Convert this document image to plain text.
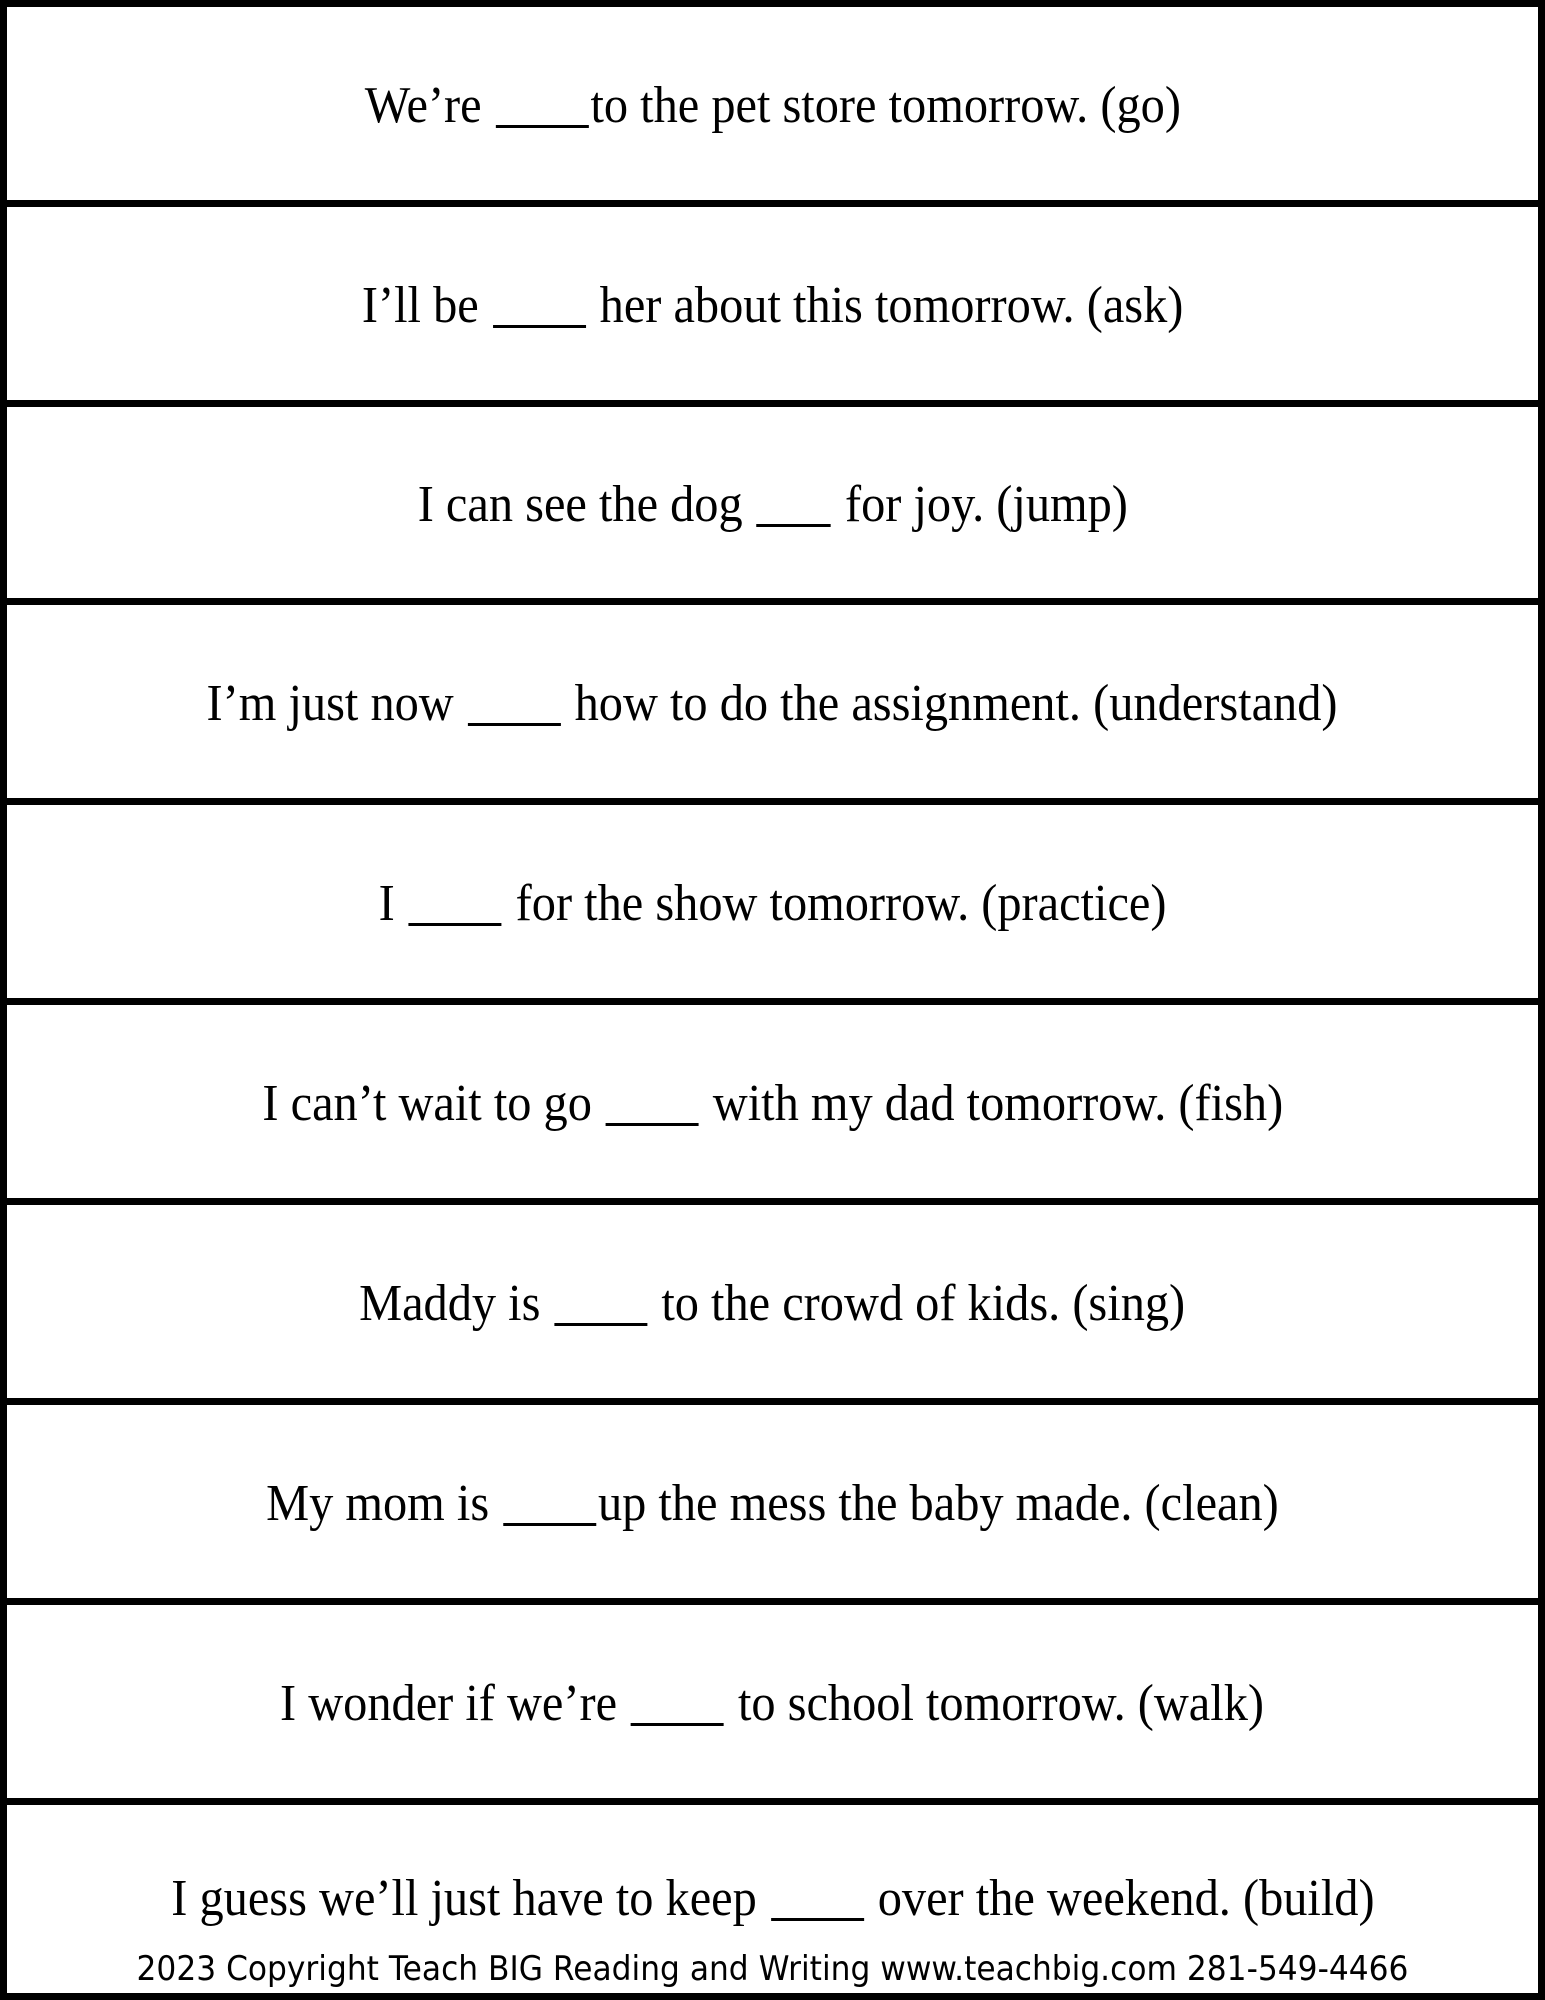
We’re to the pet store tomorrow. (go)
I’ll be  her about this tomorrow. (ask)
I can see the dog  for joy. (jump)
I’m just now  how to do the assignment. (understand)
I  for the show tomorrow. (practice)
I can’t wait to go  with my dad tomorrow. (fish)
Maddy is  to the crowd of kids. (sing)
My mom is up the mess the baby made. (clean)
I wonder if we’re  to school tomorrow. (walk)
I guess we’ll just have to keep  over the weekend. (build)
2023 Copyright Teach BIG Reading and Writing www.teachbig.com 281-549-4466
